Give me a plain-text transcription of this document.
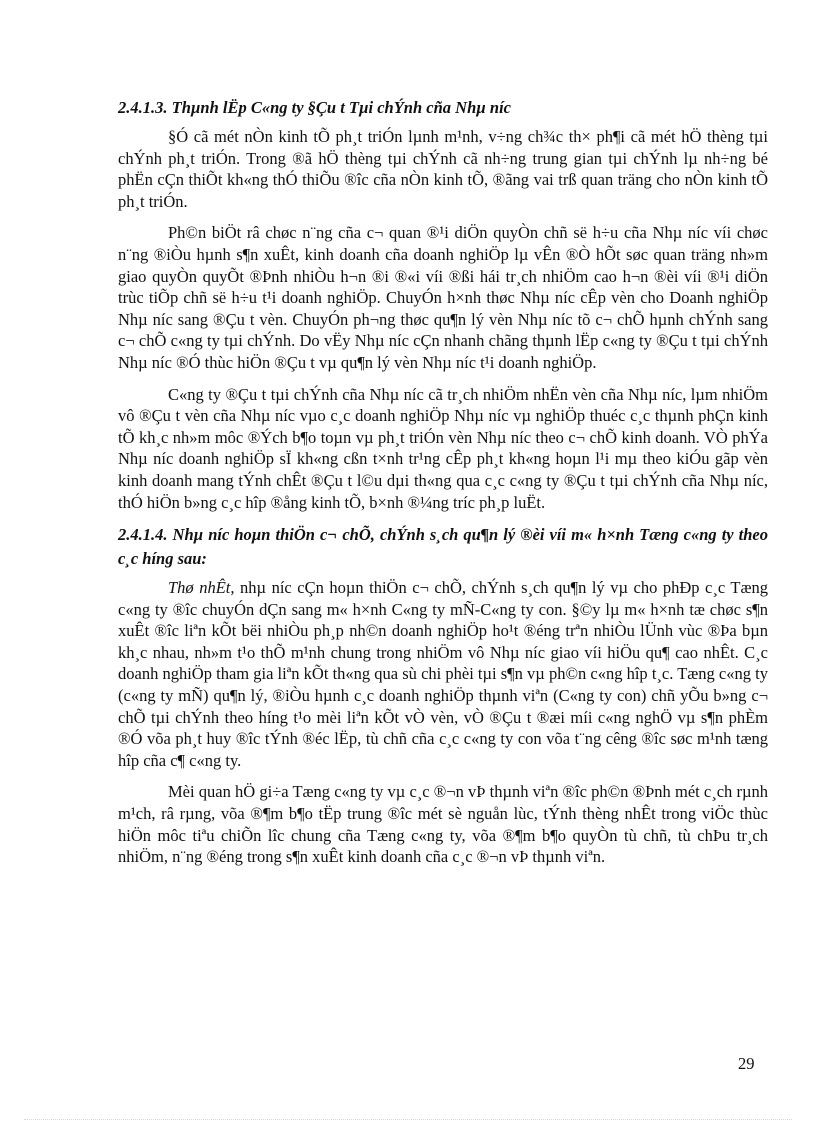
2.4.1.3. Thµnh lËp C«ng ty §Çu t Tµi chÝnh cña Nhµ níc

§Ó cã mét nÒn kinh tÕ ph¸t triÓn lµnh m¹nh, v÷ng ch¾c th× ph¶i cã mét hÖ thèng tµi chÝnh ph¸t triÓn. Trong ®ã hÖ thèng tµi chÝnh cã nh÷ng trung gian tµi chÝnh lµ nh÷ng bé phËn cÇn thiÕt kh«ng thÓ thiÕu ®îc cña nÒn kinh tÕ, ®ãng vai trß quan träng cho nÒn kinh tÕ ph¸t triÓn.

Ph©n biÖt râ chøc n¨ng cña c¬ quan ®¹i diÖn quyÒn chñ së h÷u cña Nhµ níc víi chøc n¨ng ®iÒu hµnh s¶n xuÊt, kinh doanh cña doanh nghiÖp lµ vÊn ®Ò hÕt søc quan träng nh»m giao quyÒn quyÕt ®Þnh nhiÒu h¬n ®i ®«i víi ®ßi hái tr¸ch nhiÖm cao h¬n ®èi víi ®¹i diÖn trùc tiÕp chñ së h÷u t¹i doanh nghiÖp. ChuyÓn h×nh thøc Nhµ níc cÊp vèn cho Doanh nghiÖp Nhµ níc sang ®Çu t vèn. ChuyÓn ph¬ng thøc qu¶n lý vèn Nhµ níc tõ c¬ chÕ hµnh chÝnh sang c¬ chÕ c«ng ty tµi chÝnh. Do vËy Nhµ níc cÇn nhanh chãng thµnh lËp c«ng ty ®Çu t tµi chÝnh Nhµ níc ®Ó thùc hiÖn ®Çu t vµ qu¶n lý vèn Nhµ níc t¹i doanh nghiÖp.

C«ng ty ®Çu t tµi chÝnh cña Nhµ níc cã tr¸ch nhiÖm nhËn vèn cña Nhµ níc, lµm nhiÖm vô ®Çu t vèn cña Nhµ níc vµo c¸c doanh nghiÖp Nhµ níc vµ nghiÖp thuéc c¸c thµnh phÇn kinh tÕ kh¸c nh»m môc ®Ých b¶o toµn vµ ph¸t triÓn vèn Nhµ níc theo c¬ chÕ kinh doanh. VÒ phÝa Nhµ níc doanh nghiÖp sÏ kh«ng cßn t×nh tr¹ng cÊp ph¸t kh«ng hoµn l¹i mµ theo kiÓu gãp vèn kinh doanh mang tÝnh chÊt ®Çu t l©u dµi th«ng qua c¸c c«ng ty ®Çu t tµi chÝnh cña Nhµ níc, thÓ hiÖn b»ng c¸c hîp ®ång kinh tÕ, b×nh ®¼ng tríc ph¸p luËt.

2.4.1.4. Nhµ níc hoµn thiÖn c¬ chÕ, chÝnh s¸ch qu¶n lý ®èi víi m« h×nh Tæng c«ng ty theo c¸c híng sau:

Thø nhÊt, nhµ níc cÇn hoµn thiÖn c¬ chÕ, chÝnh s¸ch qu¶n lý vµ cho phÐp c¸c Tæng c«ng ty ®îc chuyÓn dÇn sang m« h×nh C«ng ty mÑ-C«ng ty con. §©y lµ m« h×nh tæ chøc s¶n xuÊt ®îc liªn kÕt bëi nhiÒu ph¸p nh©n doanh nghiÖp ho¹t ®éng trªn nhiÒu lÜnh vùc ®Þa bµn kh¸c nhau, nh»m t¹o thÕ m¹nh chung trong nhiÖm vô Nhµ níc giao víi hiÖu qu¶ cao nhÊt. C¸c doanh nghiÖp tham gia liªn kÕt th«ng qua sù chi phèi tµi s¶n vµ ph©n c«ng hîp t¸c. Tæng c«ng ty (c«ng ty mÑ) qu¶n lý, ®iÒu hµnh c¸c doanh nghiÖp thµnh viªn (C«ng ty con) chñ yÕu b»ng c¬ chÕ tµi chÝnh theo híng t¹o mèi liªn kÕt vÒ vèn, vÒ ®Çu t ®æi míi c«ng nghÖ vµ s¶n phÈm ®Ó võa ph¸t huy ®îc tÝnh ®éc lËp, tù chñ cña c¸c c«ng ty con võa t¨ng cêng ®îc søc m¹nh tæng hîp cña c¶ c«ng ty.

Mèi quan hÖ gi÷a Tæng c«ng ty vµ c¸c ®¬n vÞ thµnh viªn ®îc ph©n ®Þnh mét c¸ch rµnh m¹ch, râ rµng, võa ®¶m b¶o tËp trung ®îc mét sè nguån lùc, tÝnh thèng nhÊt trong viÖc thùc hiÖn môc tiªu chiÕn lîc chung cña Tæng c«ng ty, võa ®¶m b¶o quyÒn tù chñ, tù chÞu tr¸ch nhiÖm, n¨ng ®éng trong s¶n xuÊt kinh doanh cña c¸c ®¬n vÞ thµnh viªn.

29
